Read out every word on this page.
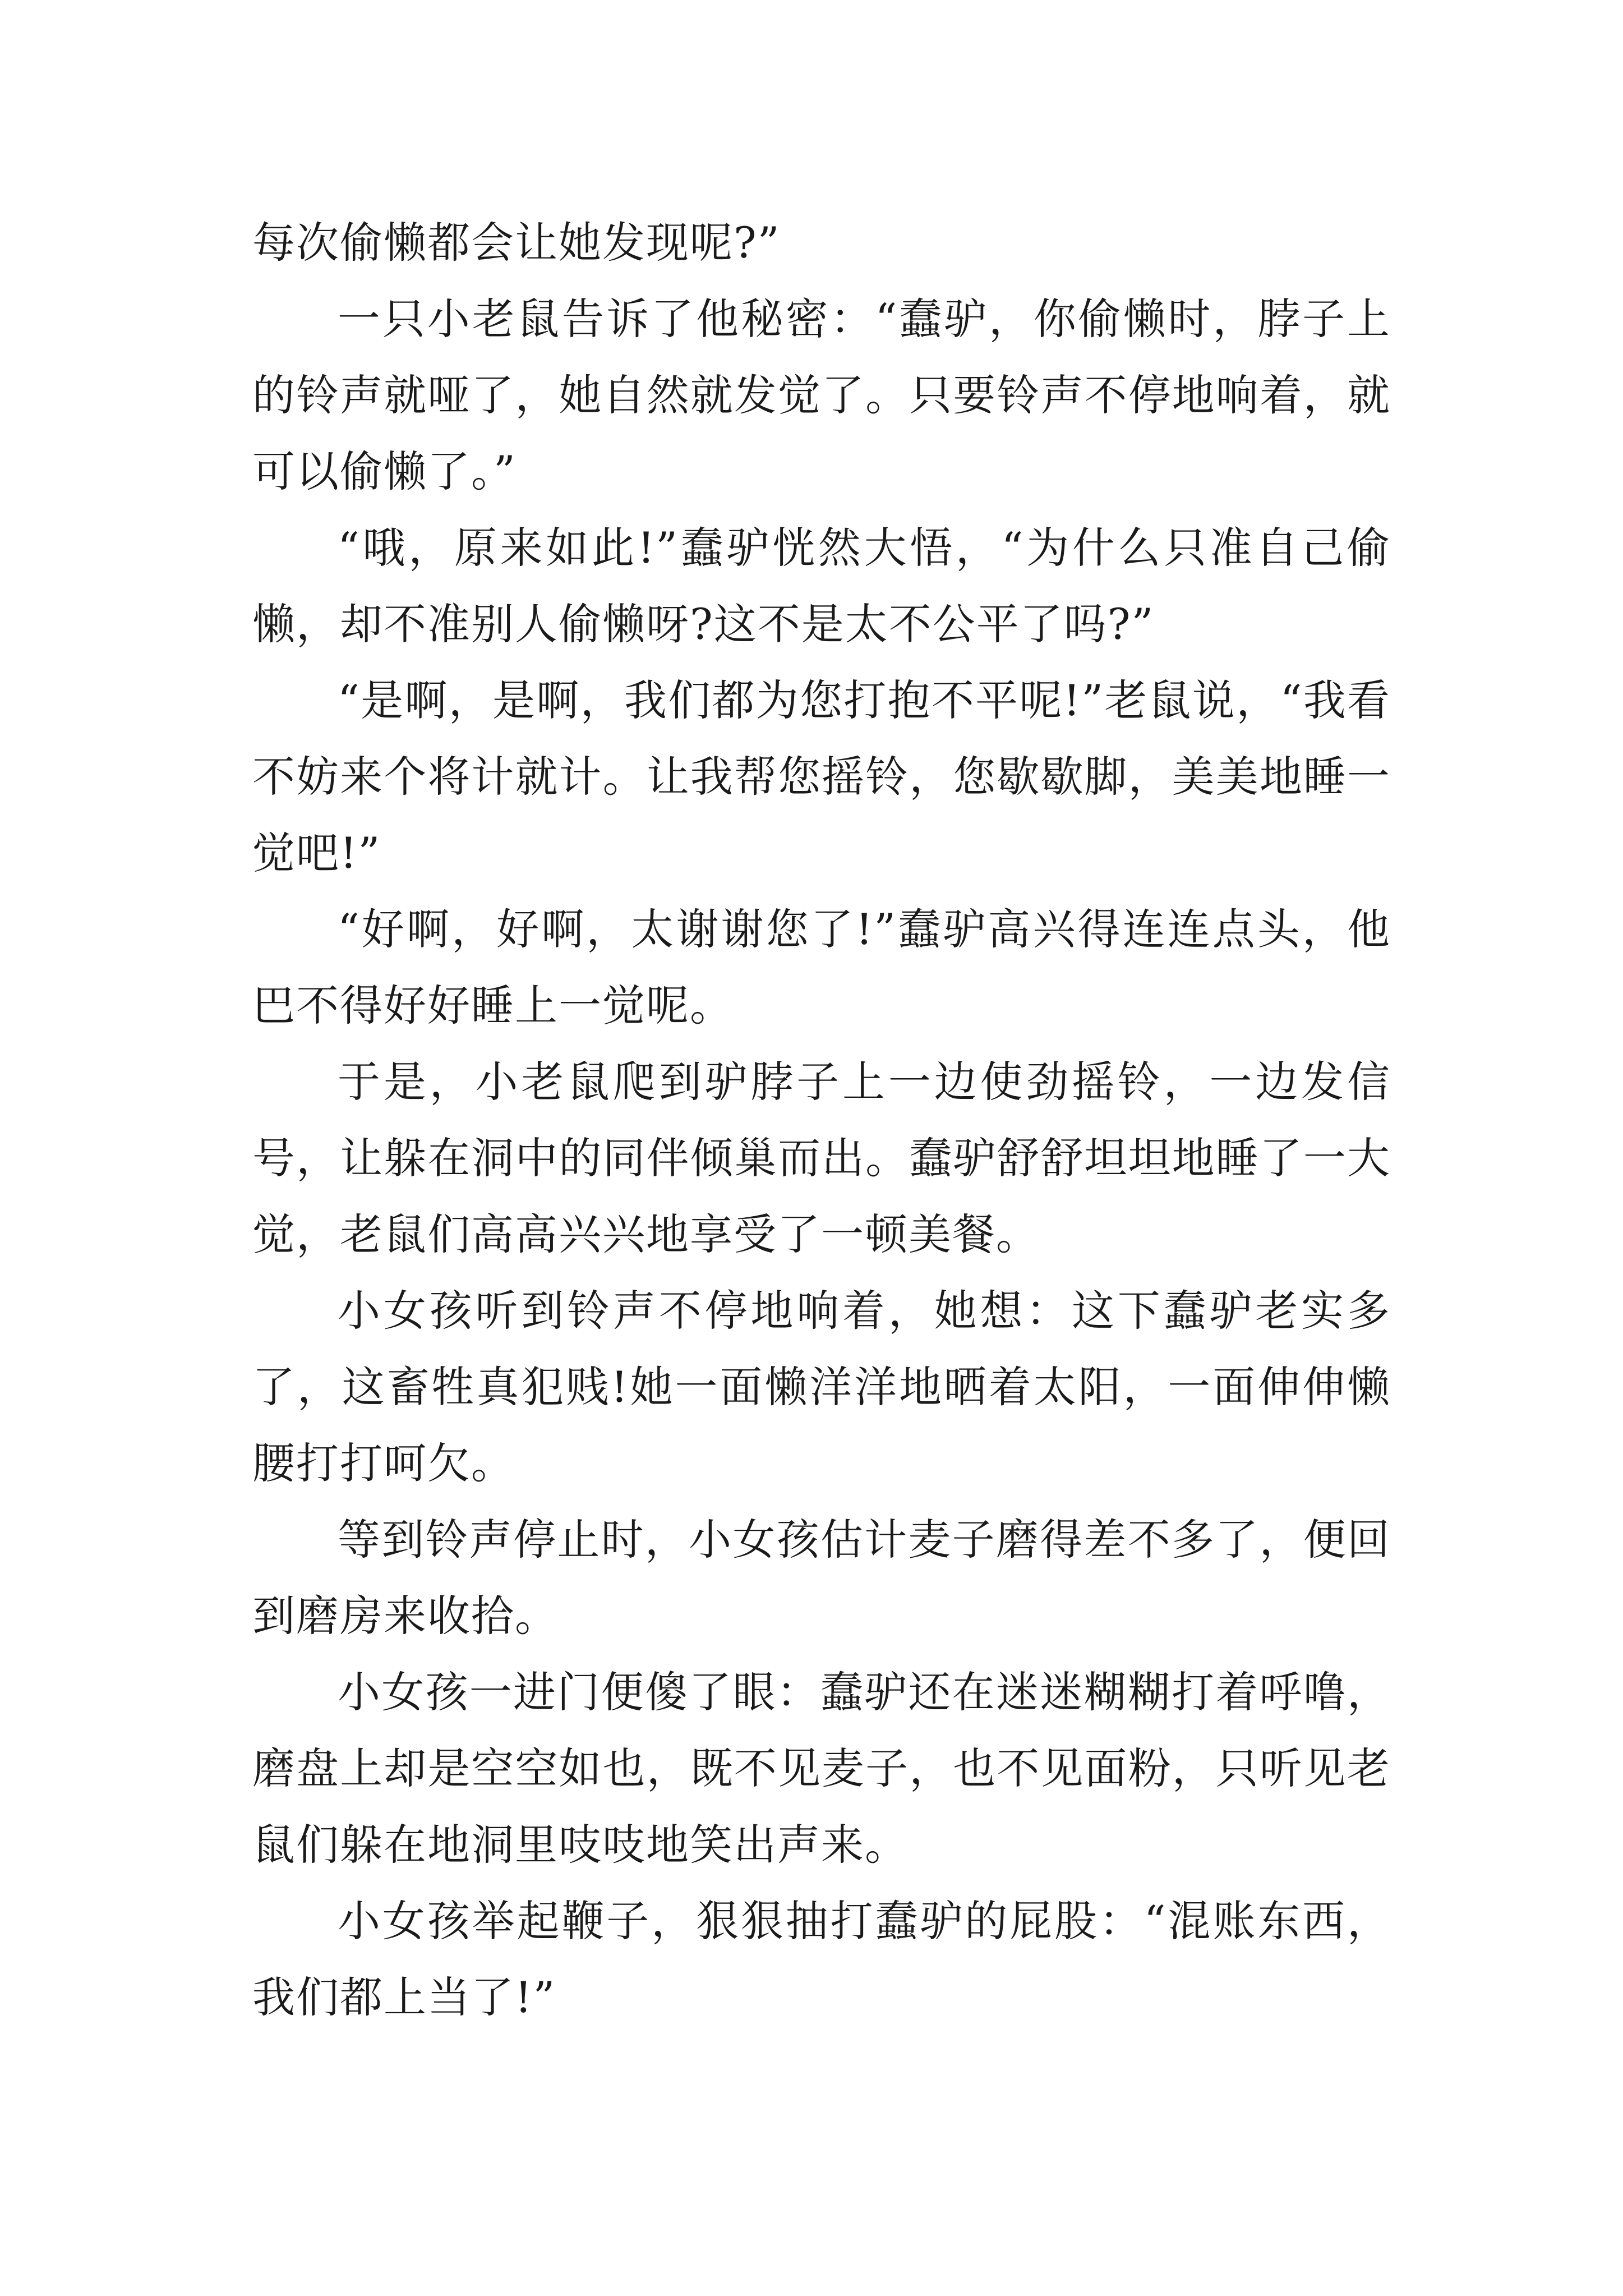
每次偷懒都会让她发现呢?”

一只小老鼠告诉了他秘密：“蠢驴，你偷懒时，脖子上的铃声就哑了，她自然就发觉了。只要铃声不停地响着，就可以偷懒了。”

“哦，原来如此!”蠢驴恍然大悟，“为什么只准自己偷懒，却不准别人偷懒呀?这不是太不公平了吗?”

“是啊，是啊，我们都为您打抱不平呢!”老鼠说，“我看不妨来个将计就计。让我帮您摇铃，您歇歇脚，美美地睡一觉吧!”

“好啊，好啊，太谢谢您了!”蠢驴高兴得连连点头，他巴不得好好睡上一觉呢。

于是，小老鼠爬到驴脖子上一边使劲摇铃，一边发信号，让躲在洞中的同伴倾巢而出。蠢驴舒舒坦坦地睡了一大觉，老鼠们高高兴兴地享受了一顿美餐。

小女孩听到铃声不停地响着，她想：这下蠢驴老实多了，这畜牲真犯贱!她一面懒洋洋地晒着太阳，一面伸伸懒腰打打呵欠。

等到铃声停止时，小女孩估计麦子磨得差不多了，便回到磨房来收拾。

小女孩一进门便傻了眼：蠢驴还在迷迷糊糊打着呼噜，磨盘上却是空空如也，既不见麦子，也不见面粉，只听见老鼠们躲在地洞里吱吱地笑出声来。

小女孩举起鞭子，狠狠抽打蠢驴的屁股：“混账东西，我们都上当了!”
